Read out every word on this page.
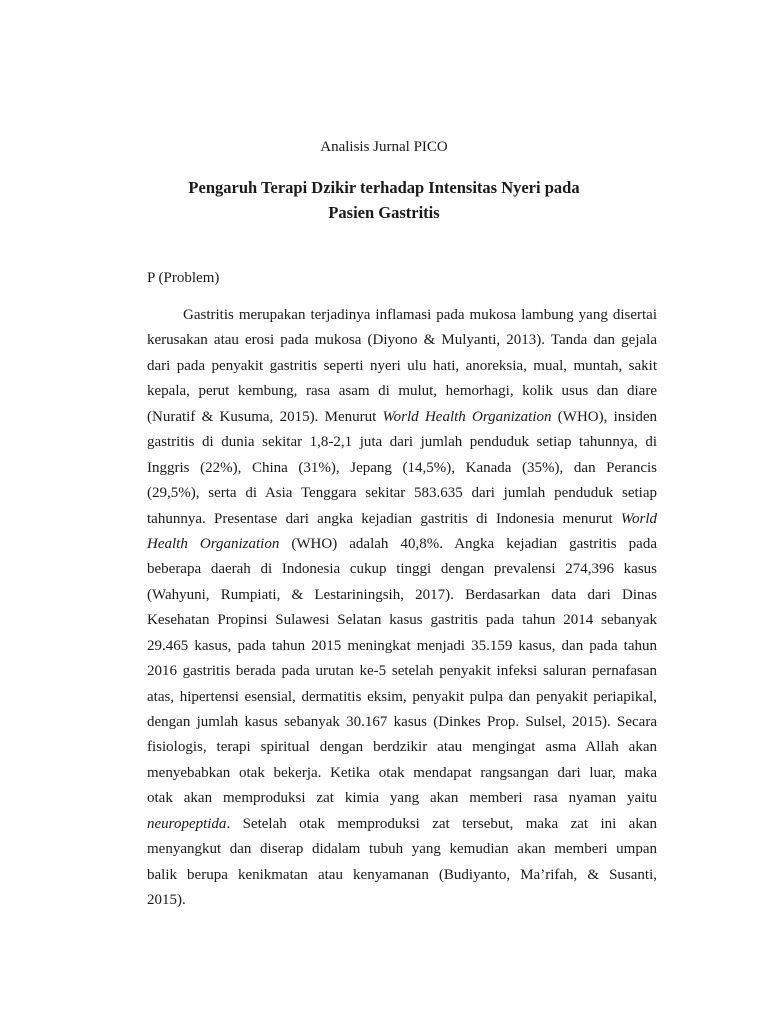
Analisis Jurnal PICO
Pengaruh Terapi Dzikir terhadap Intensitas Nyeri pada
Pasien Gastritis
P (Problem)
Gastritis merupakan terjadinya inflamasi pada mukosa lambung yang disertai
kerusakan atau erosi pada mukosa (Diyono & Mulyanti, 2013). Tanda dan gejala
dari pada penyakit gastritis seperti nyeri ulu hati, anoreksia, mual, muntah, sakit
kepala, perut kembung, rasa asam di mulut, hemorhagi, kolik usus dan diare
(Nuratif & Kusuma, 2015). Menurut World Health Organization (WHO), insiden
gastritis di dunia sekitar 1,8-2,1 juta dari jumlah penduduk setiap tahunnya, di
Inggris (22%), China (31%), Jepang (14,5%), Kanada (35%), dan Perancis
(29,5%), serta di Asia Tenggara sekitar 583.635 dari jumlah penduduk setiap
tahunnya. Presentase dari angka kejadian gastritis di Indonesia menurut World
Health Organization (WHO) adalah 40,8%. Angka kejadian gastritis pada
beberapa daerah di Indonesia cukup tinggi dengan prevalensi 274,396 kasus
(Wahyuni, Rumpiati, & Lestariningsih, 2017). Berdasarkan data dari Dinas
Kesehatan Propinsi Sulawesi Selatan kasus gastritis pada tahun 2014 sebanyak
29.465 kasus, pada tahun 2015 meningkat menjadi 35.159 kasus, dan pada tahun
2016 gastritis berada pada urutan ke-5 setelah penyakit infeksi saluran pernafasan
atas, hipertensi esensial, dermatitis eksim, penyakit pulpa dan penyakit periapikal,
dengan jumlah kasus sebanyak 30.167 kasus (Dinkes Prop. Sulsel, 2015). Secara
fisiologis, terapi spiritual dengan berdzikir atau mengingat asma Allah akan
menyebabkan otak bekerja. Ketika otak mendapat rangsangan dari luar, maka
otak akan memproduksi zat kimia yang akan memberi rasa nyaman yaitu
neuropeptida. Setelah otak memproduksi zat tersebut, maka zat ini akan
menyangkut dan diserap didalam tubuh yang kemudian akan memberi umpan
balik berupa kenikmatan atau kenyamanan (Budiyanto, Ma’rifah, & Susanti,
2015).
